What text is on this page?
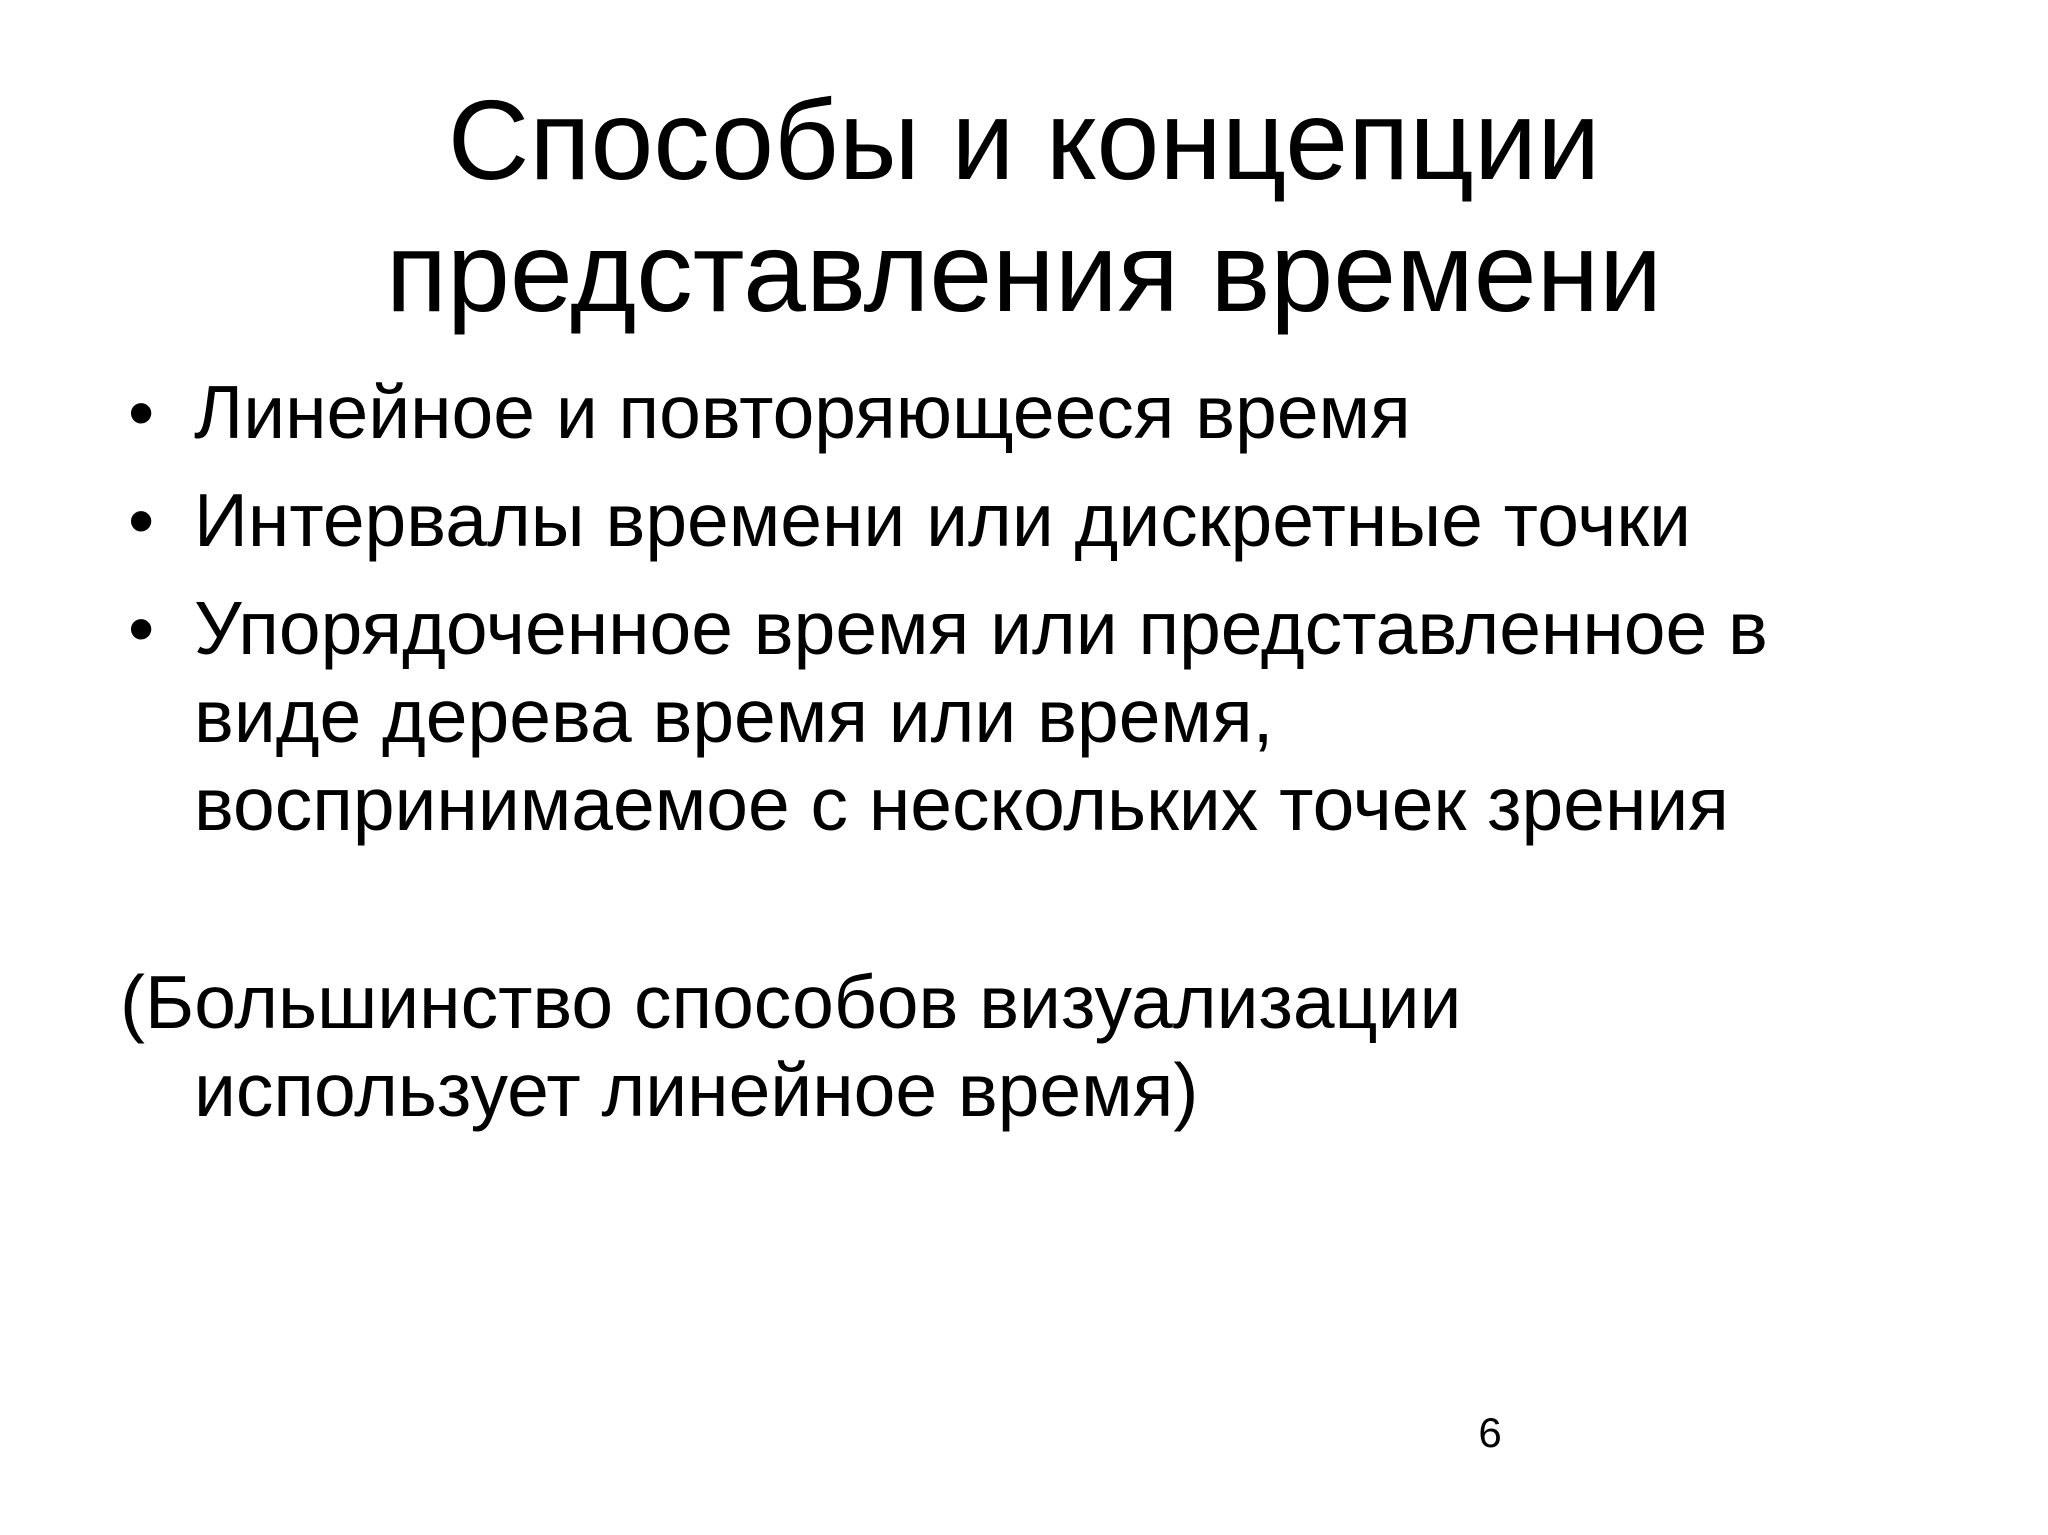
Способы и концепции
представления времени
• Линейное и повторяющееся время
• Интервалы времени или дискретные точки
• Упорядоченное время или представленное в
виде дерева время или время,
воспринимаемое с нескольких точек зрения
(Большинство способов визуализации
использует линейное время)
6
